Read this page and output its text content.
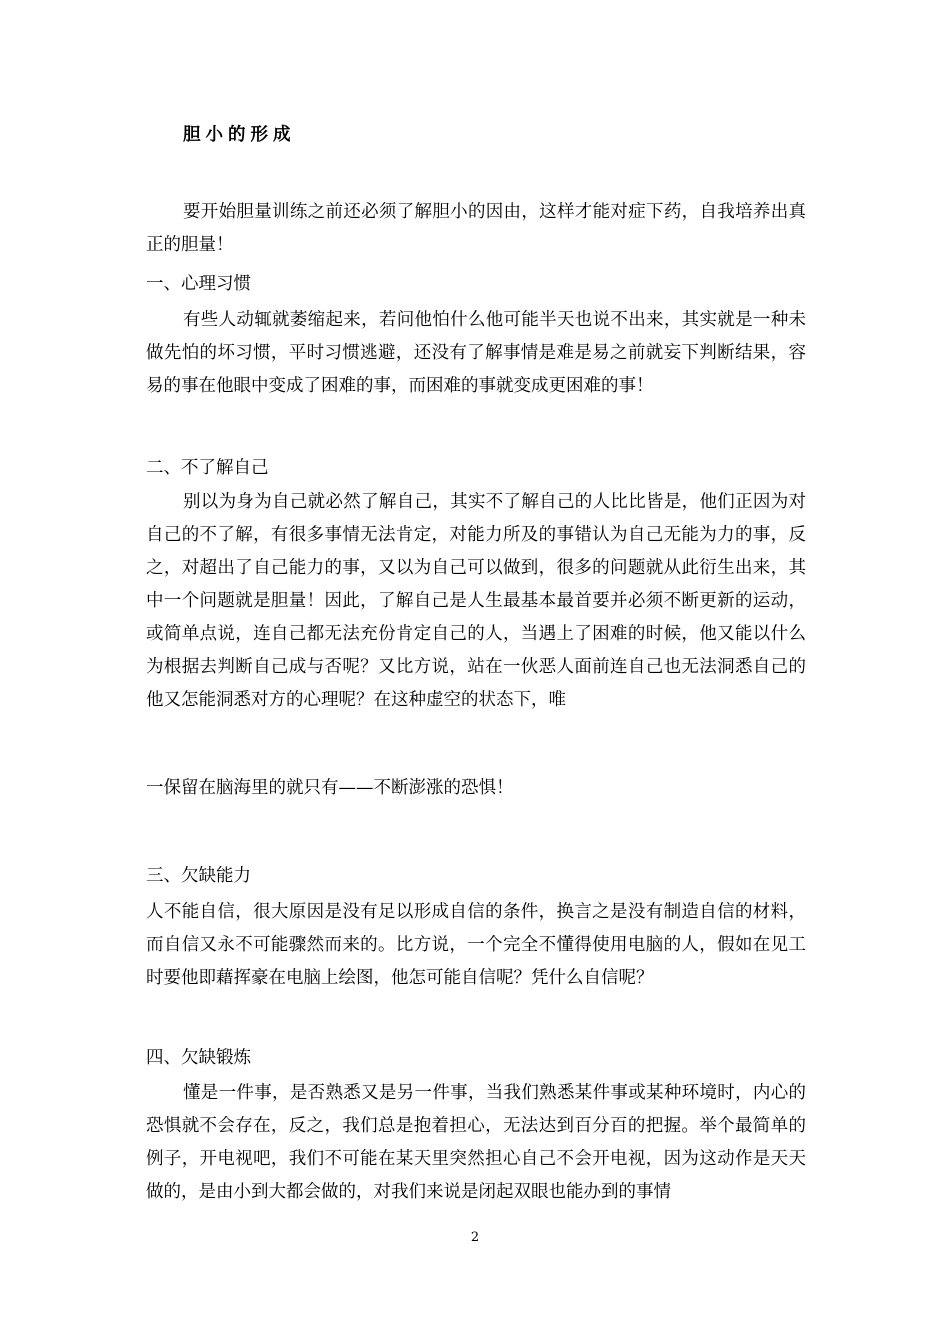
胆小的形成

要开始胆量训练之前还必须了解胆小的因由，这样才能对症下药，自我培养出真正的胆量！

一、心理习惯

有些人动辄就萎缩起来，若问他怕什么他可能半天也说不出来，其实就是一种未做先怕的坏习惯，平时习惯逃避，还没有了解事情是难是易之前就妄下判断结果，容易的事在他眼中变成了困难的事，而困难的事就变成更困难的事！

二、不了解自己

别以为身为自己就必然了解自己，其实不了解自己的人比比皆是，他们正因为对自己的不了解，有很多事情无法肯定，对能力所及的事错认为自己无能为力的事，反之，对超出了自己能力的事，又以为自己可以做到，很多的问题就从此衍生出来，其中一个问题就是胆量！因此，了解自己是人生最基本最首要并必须不断更新的运动，或简单点说，连自己都无法充份肯定自己的人，当遇上了困难的时候，他又能以什么为根据去判断自己成与否呢？又比方说，站在一伙恶人面前连自己也无法洞悉自己的他又怎能洞悉对方的心理呢？在这种虚空的状态下，唯

一保留在脑海里的就只有——不断澎涨的恐惧！

三、欠缺能力

人不能自信，很大原因是没有足以形成自信的条件，换言之是没有制造自信的材料，而自信又永不可能骤然而来的。比方说，一个完全不懂得使用电脑的人，假如在见工时要他即藉挥豪在电脑上绘图，他怎可能自信呢？凭什么自信呢？

四、欠缺锻炼

懂是一件事，是否熟悉又是另一件事，当我们熟悉某件事或某种环境时，内心的恐惧就不会存在，反之，我们总是抱着担心，无法达到百分百的把握。举个最简单的例子，开电视吧，我们不可能在某天里突然担心自己不会开电视，因为这动作是天天做的，是由小到大都会做的，对我们来说是闭起双眼也能办到的事情

2
